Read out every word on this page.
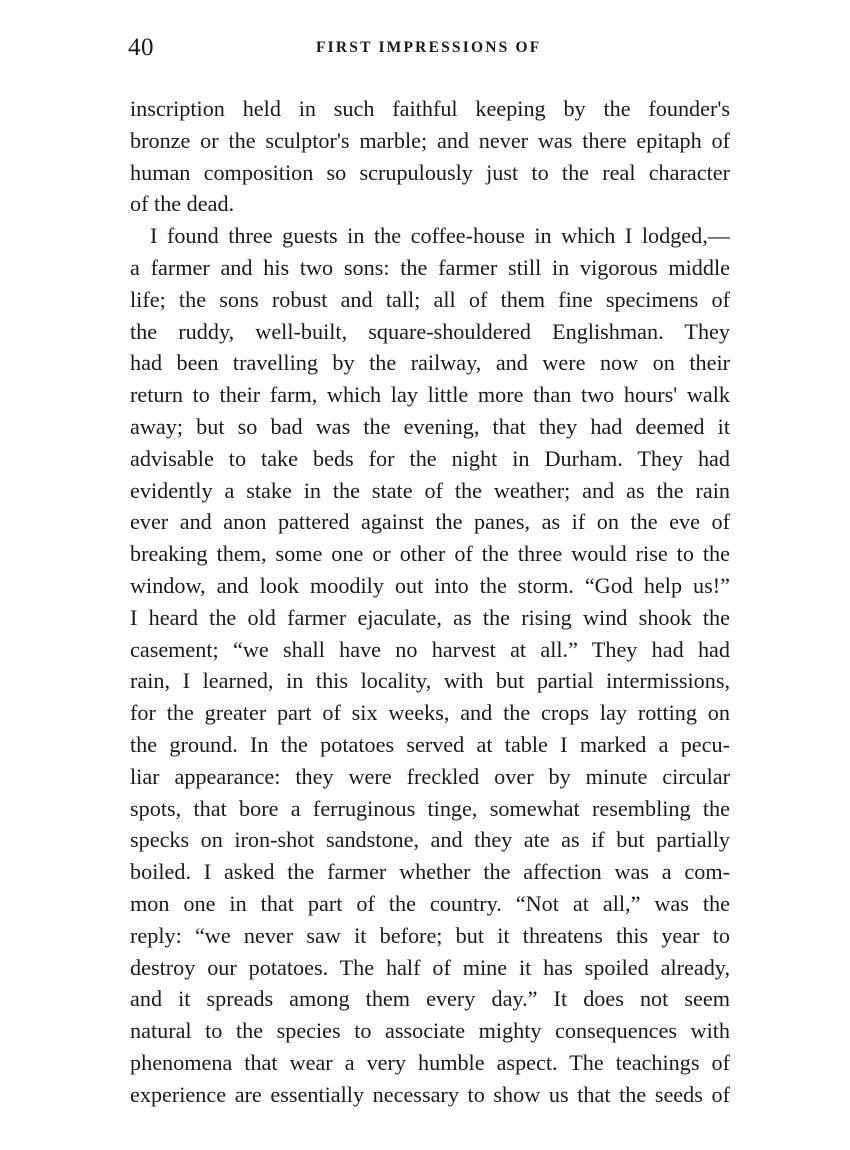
40	FIRST IMPRESSIONS OF
inscription held in such faithful keeping by the founder's
bronze or the sculptor's marble; and never was there epitaph of
human composition so scrupulously just to the real character
of the dead.
I found three guests in the coffee-house in which I lodged,—
a farmer and his two sons: the farmer still in vigorous middle
life; the sons robust and tall; all of them fine specimens of
the ruddy, well-built, square-shouldered Englishman. They
had been travelling by the railway, and were now on their
return to their farm, which lay little more than two hours' walk
away; but so bad was the evening, that they had deemed it
advisable to take beds for the night in Durham. They had
evidently a stake in the state of the weather; and as the rain
ever and anon pattered against the panes, as if on the eve of
breaking them, some one or other of the three would rise to the
window, and look moodily out into the storm. “God help us!”
I heard the old farmer ejaculate, as the rising wind shook the
casement; “we shall have no harvest at all.” They had had
rain, I learned, in this locality, with but partial intermissions,
for the greater part of six weeks, and the crops lay rotting on
the ground. In the potatoes served at table I marked a pecu-
liar appearance: they were freckled over by minute circular
spots, that bore a ferruginous tinge, somewhat resembling the
specks on iron-shot sandstone, and they ate as if but partially
boiled. I asked the farmer whether the affection was a com-
mon one in that part of the country. “Not at all,” was the
reply: “we never saw it before; but it threatens this year to
destroy our potatoes. The half of mine it has spoiled already,
and it spreads among them every day.” It does not seem
natural to the species to associate mighty consequences with
phenomena that wear a very humble aspect. The teachings of
experience are essentially necessary to show us that the seeds of
